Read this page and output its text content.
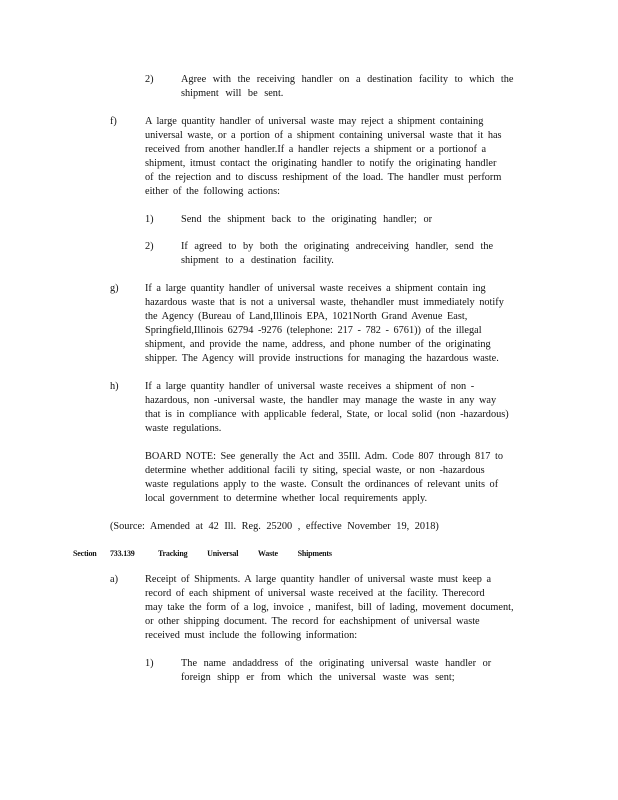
2)	Agree with the receiving handler on a destination facility to which the
shipment will be sent.
f)	A large quantity handler of universal waste may reject a shipment containing
universal waste, or a portion of a shipment containing universal waste that it has
received from another handler.If a handler rejects a shipment or a portionof a
shipment, itmust contact the originating handler to notify the originating handler
of the rejection and to discuss reshipment of the load. The handler must perform
either of the following actions:
1)	Send the shipment back to the originating handler; or
2)	If agreed to by both the originating andreceiving handler, send the
shipment to a destination facility.
g)	If a large quantity handler of universal waste receives a shipment contain ing
hazardous waste that is not a universal waste, thehandler must immediately notify
the Agency (Bureau of Land,Illinois EPA, 1021North Grand Avenue East,
Springfield,Illinois 62794 -9276 (telephone: 217 - 782 - 6761)) of the illegal
shipment, and provide the name, address, and phone number of the originating
shipper. The Agency will provide instructions for managing the hazardous waste.
h)	If a large quantity handler of universal waste receives a shipment of non -
hazardous, non -universal waste, the handler may manage the waste in any way
that is in compliance with applicable federal, State, or local solid (non -hazardous)
waste regulations.
BOARD NOTE: See generally the Act and 35Ill. Adm. Code 807 through 817 to
determine whether additional facili ty siting, special waste, or non -hazardous
waste regulations apply to the waste. Consult the ordinances of relevant units of
local government to determine whether local requirements apply.
(Source: Amended at 42 Ill. Reg. 25200 , effective November 19, 2018)
Section 733.139	Tracking Universal Waste Shipments
a)	Receipt of Shipments. A large quantity handler of universal waste must keep a
record of each shipment of universal waste received at the facility. Therecord
may take the form of a log, invoice , manifest, bill of lading, movement document,
or other shipping document. The record for eachshipment of universal waste
received must include the following information:
1)	The name andaddress of the originating universal waste handler or
foreign shipp er from which the universal waste was sent;
